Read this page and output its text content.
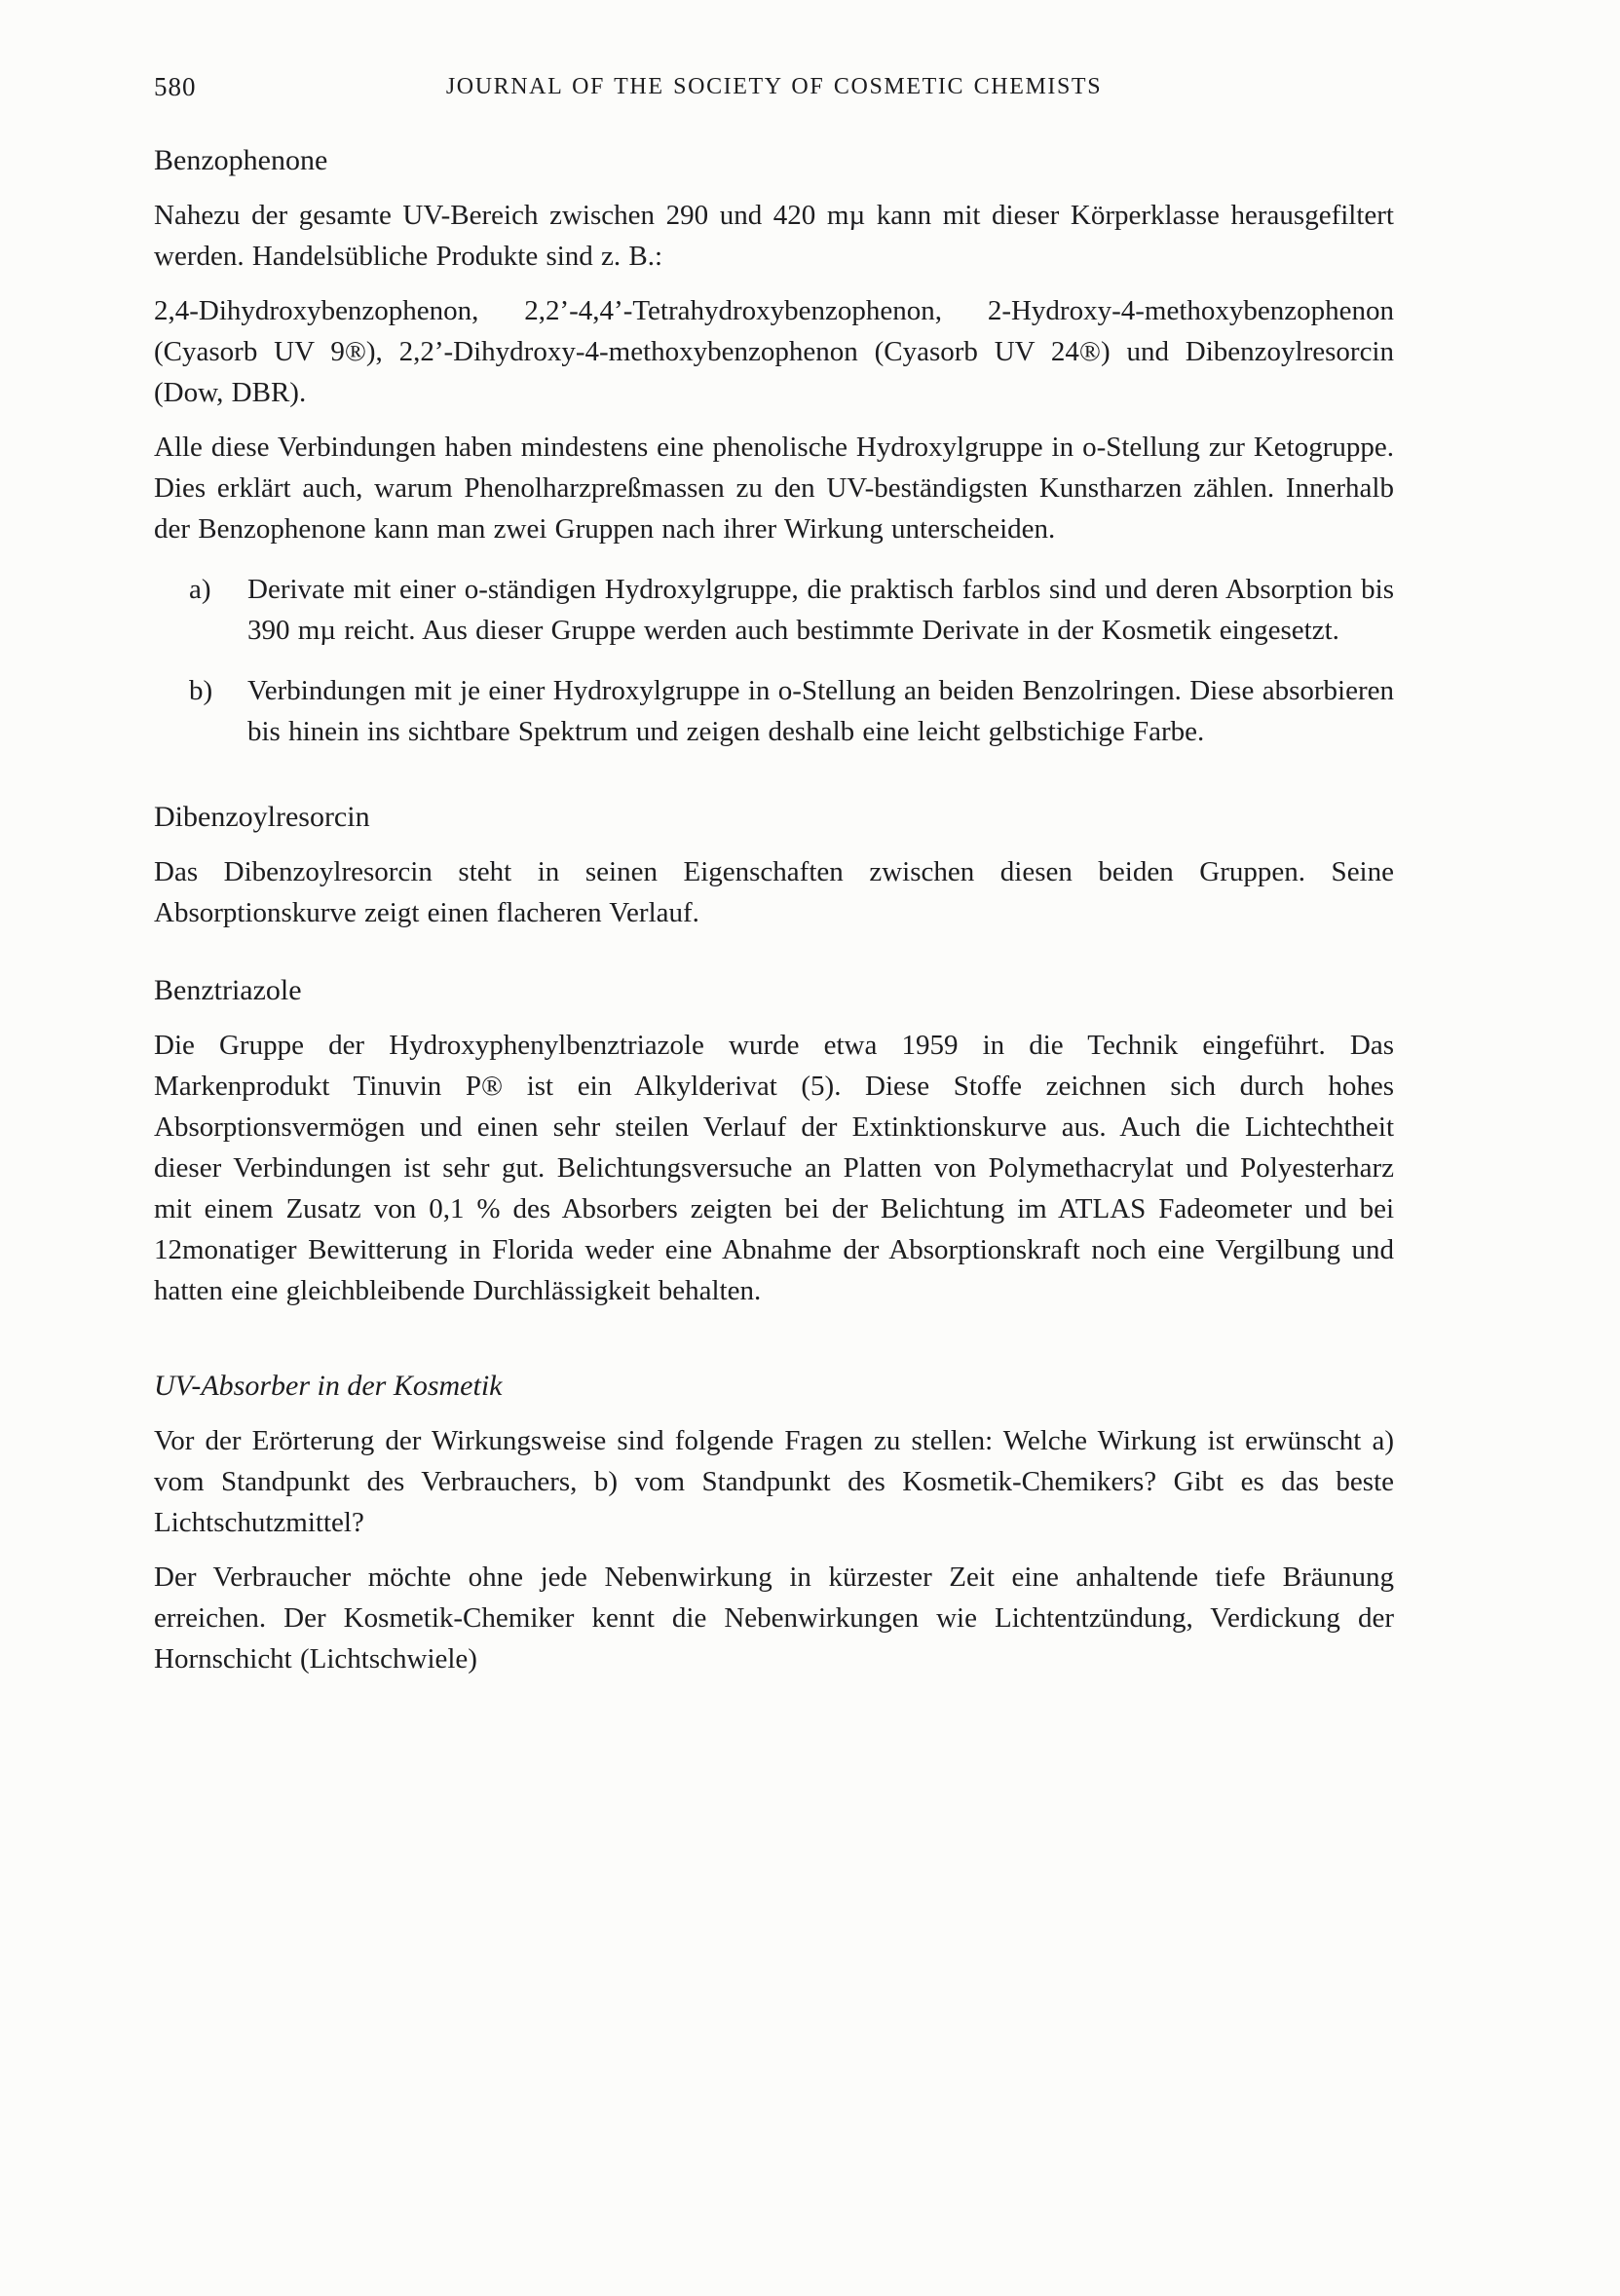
580	JOURNAL OF THE SOCIETY OF COSMETIC CHEMISTS
Benzophenone

Nahezu der gesamte UV-Bereich zwischen 290 und 420 mµ kann mit dieser Körperklasse herausgefiltert werden. Handelsübliche Produkte sind z. B.:

2,4-Dihydroxybenzophenon, 2,2’-4,4’-Tetrahydroxybenzophenon, 2-Hydroxy-4-methoxybenzophenon (Cyasorb UV 9®), 2,2’-Dihydroxy-4-methoxybenzophenon (Cyasorb UV 24®) und Dibenzoylresorcin (Dow, DBR).

Alle diese Verbindungen haben mindestens eine phenolische Hydroxylgruppe in o-Stellung zur Ketogruppe. Dies erklärt auch, warum Phenolharzpreßmassen zu den UV-beständigsten Kunstharzen zählen. Innerhalb der Benzophenone kann man zwei Gruppen nach ihrer Wirkung unterscheiden.

a) Derivate mit einer o-ständigen Hydroxylgruppe, die praktisch farblos sind und deren Absorption bis 390 mµ reicht. Aus dieser Gruppe werden auch bestimmte Derivate in der Kosmetik eingesetzt.
b) Verbindungen mit je einer Hydroxylgruppe in o-Stellung an beiden Benzolringen. Diese absorbieren bis hinein ins sichtbare Spektrum und zeigen deshalb eine leicht gelbstichige Farbe.
Dibenzoylresorcin

Das Dibenzoylresorcin steht in seinen Eigenschaften zwischen diesen beiden Gruppen. Seine Absorptionskurve zeigt einen flacheren Verlauf.

Benztriazole

Die Gruppe der Hydroxyphenylbenztriazole wurde etwa 1959 in die Technik eingeführt. Das Markenprodukt Tinuvin P® ist ein Alkylderivat (5). Diese Stoffe zeichnen sich durch hohes Absorptionsvermögen und einen sehr steilen Verlauf der Extinktionskurve aus. Auch die Lichtechtheit dieser Verbindungen ist sehr gut. Belichtungsversuche an Platten von Polymethacrylat und Polyesterharz mit einem Zusatz von 0,1 % des Absorbers zeigten bei der Belichtung im ATLAS Fadeometer und bei 12monatiger Bewitterung in Florida weder eine Abnahme der Absorptionskraft noch eine Vergilbung und hatten eine gleichbleibende Durchlässigkeit behalten.

UV-Absorber in der Kosmetik

Vor der Erörterung der Wirkungsweise sind folgende Fragen zu stellen: Welche Wirkung ist erwünscht a) vom Standpunkt des Verbrauchers, b) vom Standpunkt des Kosmetik-Chemikers? Gibt es das beste Lichtschutzmittel?

Der Verbraucher möchte ohne jede Nebenwirkung in kürzester Zeit eine anhaltende tiefe Bräunung erreichen. Der Kosmetik-Chemiker kennt die Nebenwirkungen wie Lichtentzündung, Verdickung der Hornschicht (Lichtschwiele)
